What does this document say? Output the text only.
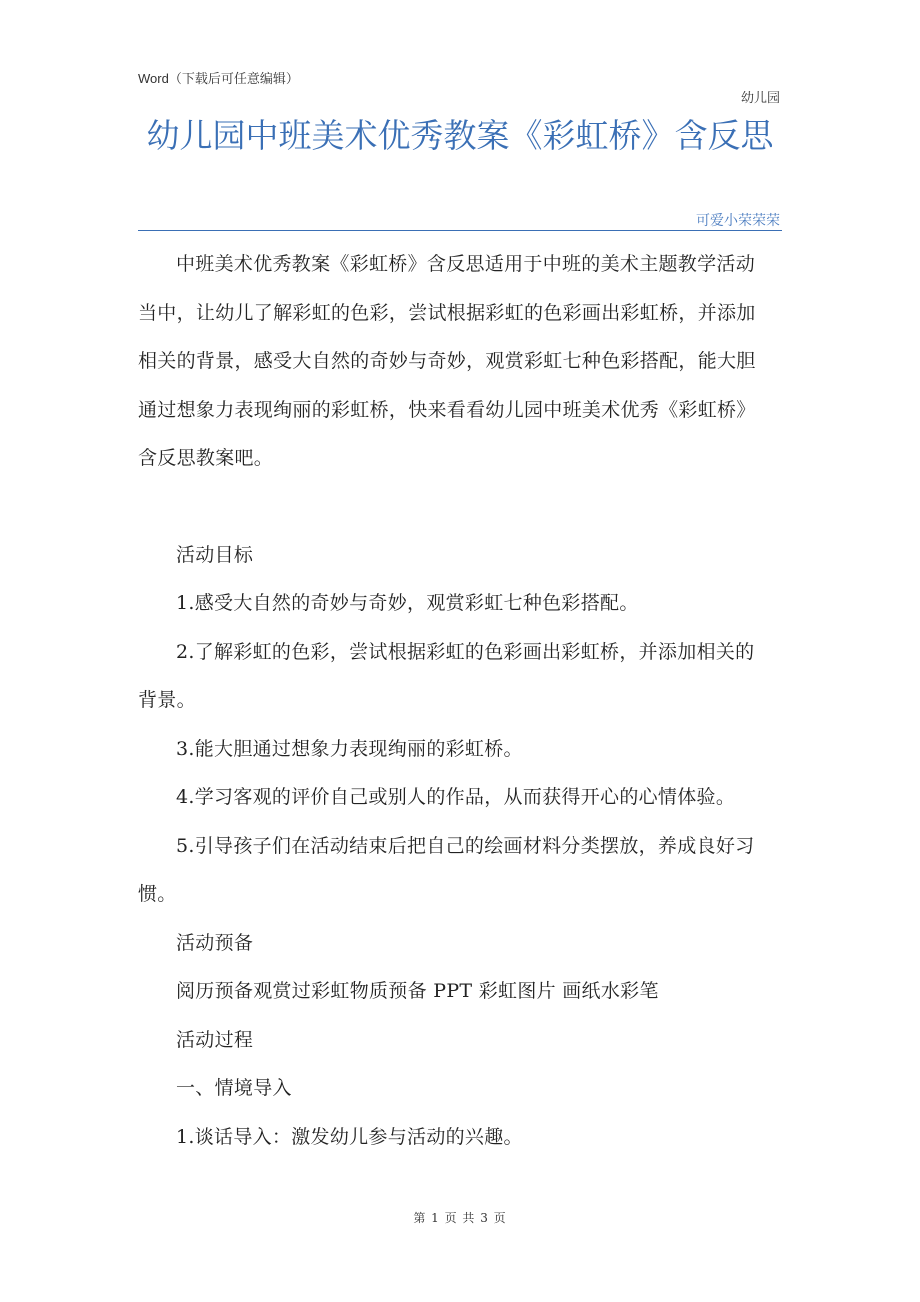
Word（下载后可任意编辑）
幼儿园
幼儿园中班美术优秀教案《彩虹桥》含反思
可爱小荣荣荣

中班美术优秀教案《彩虹桥》含反思适用于中班的美术主题教学活动当中，让幼儿了解彩虹的色彩，尝试根据彩虹的色彩画出彩虹桥，并添加相关的背景，感受大自然的奇妙与奇妙，观赏彩虹七种色彩搭配，能大胆通过想象力表现绚丽的彩虹桥，快来看看幼儿园中班美术优秀《彩虹桥》含反思教案吧。

活动目标

1.感受大自然的奇妙与奇妙，观赏彩虹七种色彩搭配。

2.了解彩虹的色彩，尝试根据彩虹的色彩画出彩虹桥，并添加相关的背景。

3.能大胆通过想象力表现绚丽的彩虹桥。

4.学习客观的评价自己或别人的作品，从而获得开心的心情体验。

5.引导孩子们在活动结束后把自己的绘画材料分类摆放，养成良好习惯。

活动预备

阅历预备观赏过彩虹物质预备 PPT 彩虹图片 画纸水彩笔

活动过程

一、情境导入

1.谈话导入：激发幼儿参与活动的兴趣。

第 1 页 共 3 页
